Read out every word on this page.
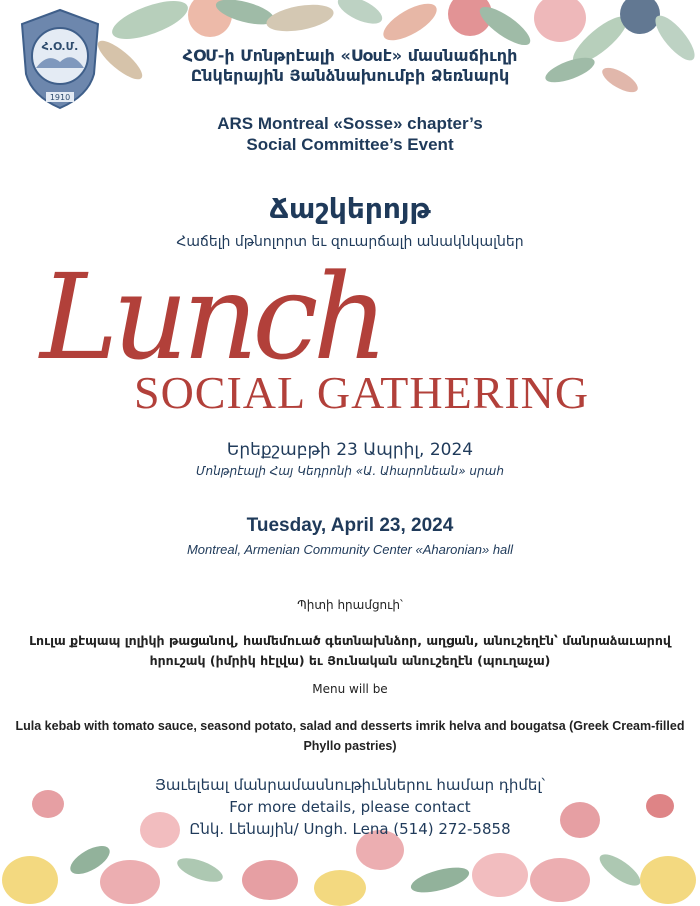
Հ.Օ.Մ.
1910
ՀՕՄ-ի Մոնթրէալի «Սօսէ» մասնաճիւղի
Ընկերային Յանձնախումբի Ձեռնարկ
ARS Montreal «Sosse» chapter’s
Social Committee’s Event
Ճաշկերոյթ
Հաճելի մթնոլորտ եւ զուարճալի անակնկալներ
Lunch
SOCIAL GATHERING
Երեքշաբթի 23 Ապրիլ, 2024
Մոնթրէալի Հայ Կեդրոնի «Ա. Ահարոնեան» սրահ
Tuesday, April 23, 2024
Montreal, Armenian Community Center «Aharonian» hall
Պիտի հրամցուի՝
Լուլա քէպապ լոլիկի թացանով, համեմուած գետնախնձոր, աղցան, անուշեղէն՝ մանրաձաւարով հրուշակ (իմրիկ հէլվա) եւ Յունական անուշեղէն (պուղաչա)
Menu will be
Lula kebab with tomato sauce, seasond potato, salad and desserts imrik helva and bougatsa (Greek Cream-filled Phyllo pastries)
Յաւելեալ մանրամասնութիւններու համար դիմել՝
For more details, please contact
Ընկ. Լենային/ Ungh. Lena (514) 272-5858
